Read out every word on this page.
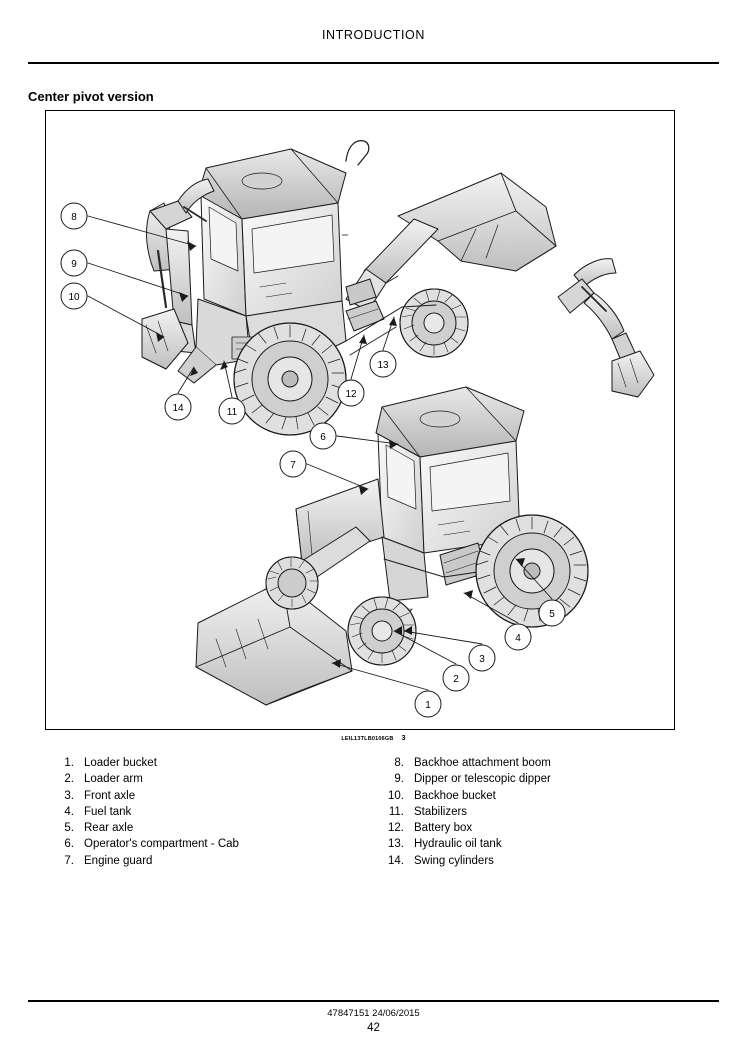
INTRODUCTION
Center pivot version
8
9
10
14	11
12
13
6
7
5
4
3
2
1
LEIL13TLB0106GB 3
1. Loader bucket
2. Loader arm
3. Front axle
4. Fuel tank
5. Rear axle
6. Operator's compartment - Cab
7. Engine guard
8. Backhoe attachment boom
9. Dipper or telescopic dipper
10. Backhoe bucket
11. Stabilizers
12. Battery box
13. Hydraulic oil tank
14. Swing cylinders
47847151 24/06/2015
42
